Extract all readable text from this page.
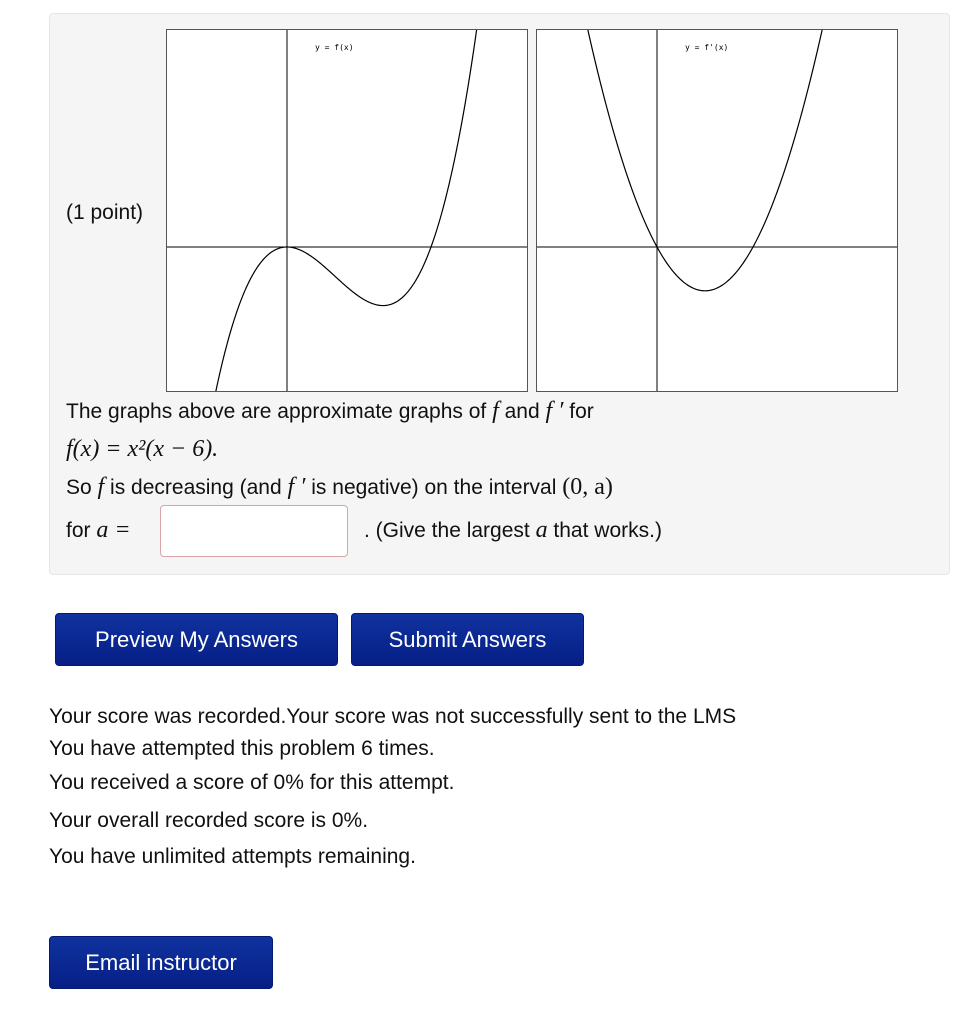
(1 point)
y = f(x)	y = f'(x)
The graphs above are approximate graphs of f and f ′ for
f(x) = x²(x − 6).
So f is decreasing (and f ′ is negative) on the interval (0, a)
for a =	. (Give the largest a that works.)
Preview My Answers	Submit Answers
Your score was recorded.Your score was not successfully sent to the LMS
You have attempted this problem 6 times.
You received a score of 0% for this attempt.
Your overall recorded score is 0%.
You have unlimited attempts remaining.
Email instructor
